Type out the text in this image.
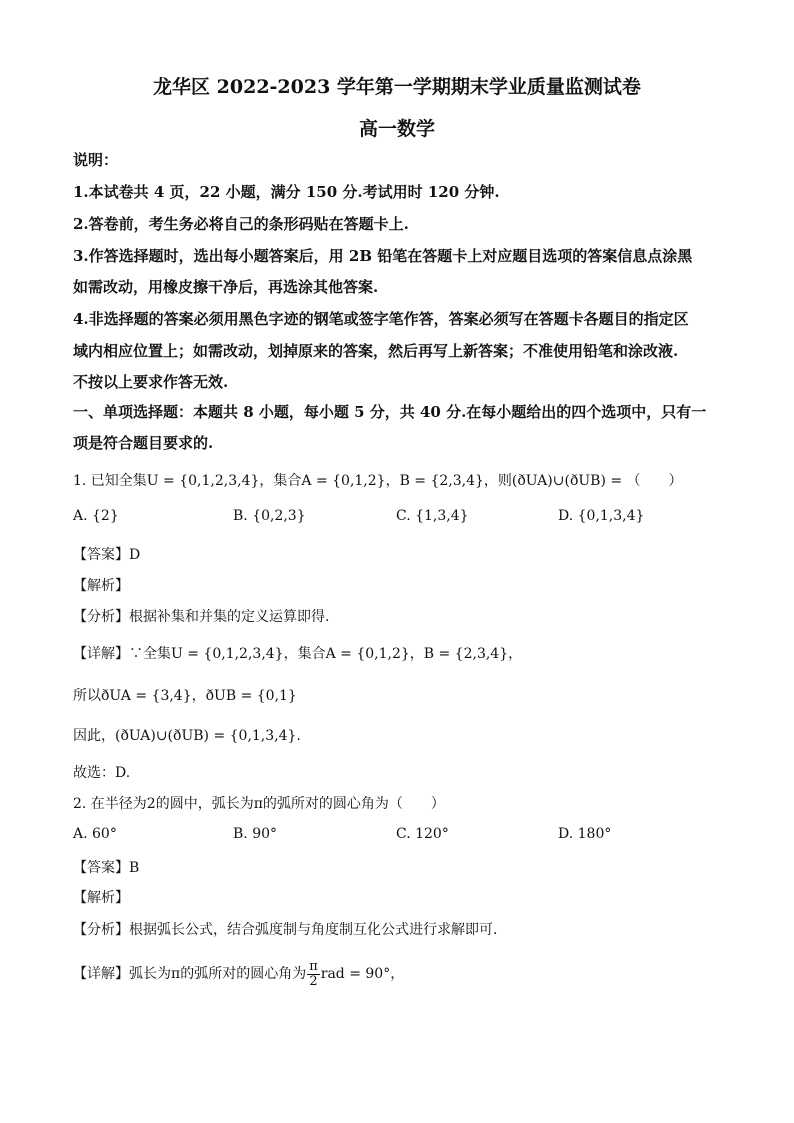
龙华区 2022-2023 学年第一学期期末学业质量监测试卷
高一数学
说明：
1.本试卷共 4 页，22 小题，满分 150 分.考试用时 120 分钟.
2.答卷前，考生务必将自己的条形码贴在答题卡上.
3.作答选择题时，选出每小题答案后，用 2B 铅笔在答题卡上对应题目选项的答案信息点涂黑
如需改动，用橡皮擦干净后，再选涂其他答案.
4.非选择题的答案必须用黑色字迹的钢笔或签字笔作答，答案必须写在答题卡各题目的指定区
域内相应位置上；如需改动，划掉原来的答案，然后再写上新答案；不准使用铅笔和涂改液.
不按以上要求作答无效.
一、单项选择题：本题共 8 小题，每小题 5 分，共 40 分.在每小题给出的四个选项中，只有一
项是符合题目要求的.
1. 已知全集U = {0,1,2,3,4}，集合A = {0,1,2}，B = {2,3,4}，则(ðUA)∪(ðUB) = （　　）
A. {2}	B. {0,2,3}	C. {1,3,4}	D. {0,1,3,4}
【答案】D
【解析】
【分析】根据补集和并集的定义运算即得.
【详解】∵全集U = {0,1,2,3,4}，集合A = {0,1,2}，B = {2,3,4}，
所以ðUA = {3,4}，ðUB = {0,1}
因此，(ðUA)∪(ðUB) = {0,1,3,4}.
故选：D.
2. 在半径为2的圆中，弧长为π的弧所对的圆心角为（　　）
A. 60°	B. 90°	C. 120°	D. 180°
【答案】B
【解析】
【分析】根据弧长公式，结合弧度制与角度制互化公式进行求解即可.
【详解】弧长为π的弧所对的圆心角为 $\frac{\pi}{2}$ rad = 90°，
